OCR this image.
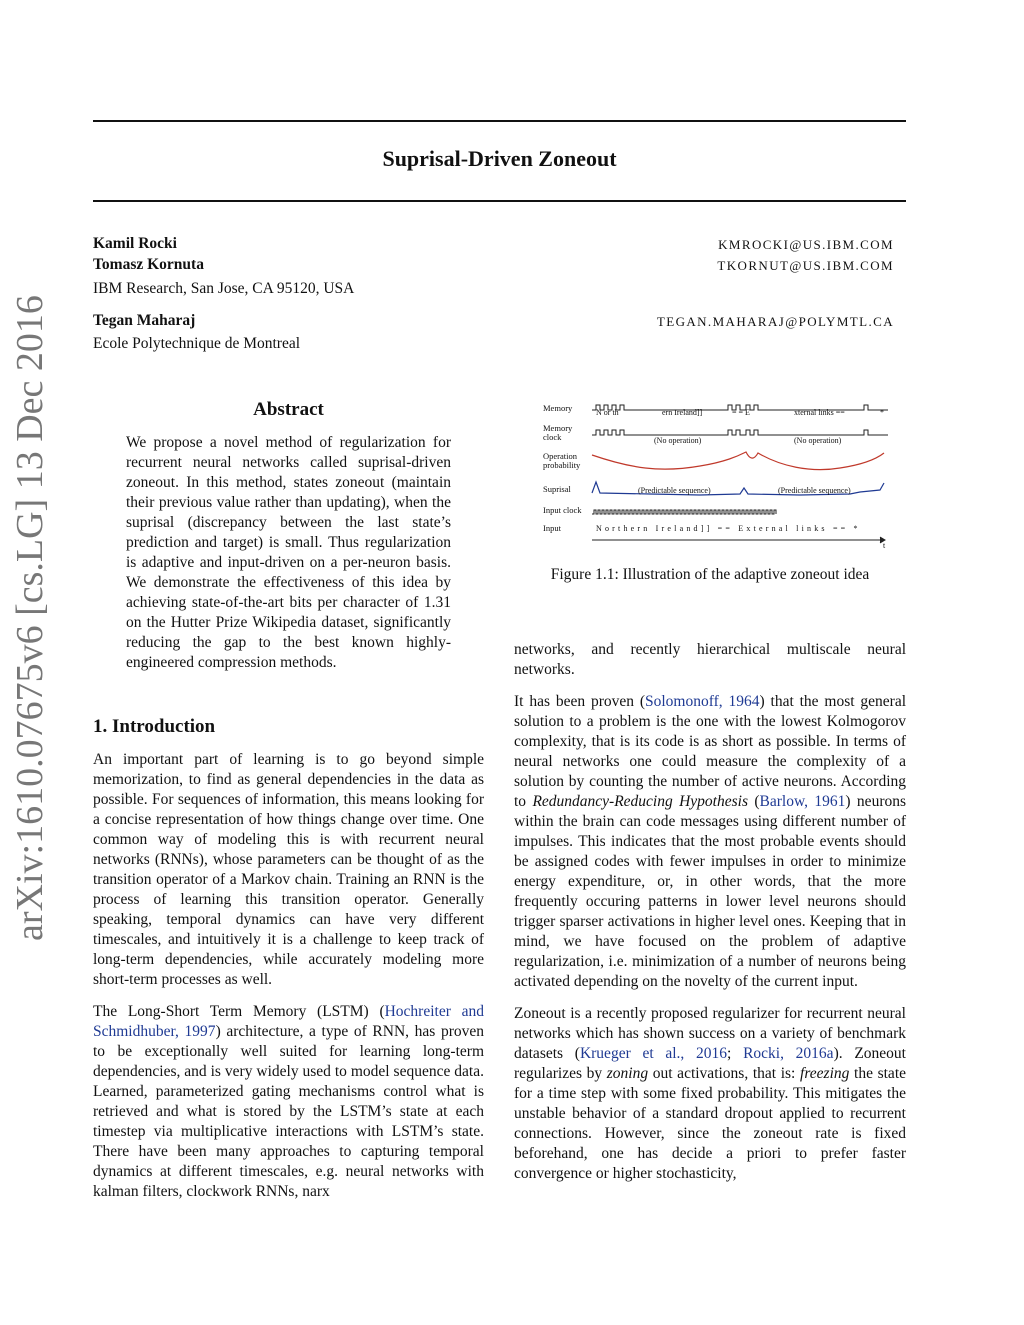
Suprisal-Driven Zoneout
Kamil Rocki	KMROCKI@US.IBM.COM
Tomasz Kornuta	TKORNUT@US.IBM.COM
IBM Research, San Jose, CA 95120, USA
Tegan Maharaj	TEGAN.MAHARAJ@POLYMTL.CA
Ecole Polytechnique de Montreal
arXiv:1610.07675v6 [cs.LG] 13 Dec 2016	Abstract

We propose a novel method of regularization for recurrent neural networks called suprisal-driven zoneout. In this method, states zoneout (maintain their previous value rather than updating), when the suprisal (discrepancy between the last state’s prediction and target) is small. Thus regularization is adaptive and input-driven on a per-neuron basis. We demonstrate the effectiveness of this idea by achieving state-of-the-art bits per character of 1.31 on the Hutter Prize Wikipedia dataset, significantly reducing the gap to the best known highly-engineered compression methods.

1. Introduction

An important part of learning is to go beyond simple memorization, to find as general dependencies in the data as possible. For sequences of information, this means looking for a concise representation of how things change over time. One common way of modeling this is with recurrent neural networks (RNNs), whose parameters can be thought of as the transition operator of a Markov chain. Training an RNN is the process of learning this transition operator. Generally speaking, temporal dynamics can have very different timescales, and intuitively it is a challenge to keep track of long-term dependencies, while accurately modeling more short-term processes as well.

The Long-Short Term Memory (LSTM) (Hochreiter and Schmidhuber, 1997) architecture, a type of RNN, has proven to be exceptionally well suited for learning long-term dependencies, and is very widely used to model sequence data. Learned, parameterized gating mechanisms control what is retrieved and what is stored by the LSTM’s state at each timestep via multiplicative interactions with LSTM’s state. There have been many approaches to capturing temporal dynamics at different timescales, e.g. neural networks with kalman filters, clockwork RNNs, narx

Memory
Memory clock
Operation probability
Suprisal
Input clock
Input
N or th	ern Ireland]]	= = E	xternal links ==	*
(No operation)	(No operation)
(Predictable sequence)	(Predictable sequence)
N o r t h e r n   I r e l a n d ] ]   = =   E x t e r n a l   l i n k s   = =   *
t
Figure 1.1: Illustration of the adaptive zoneout idea

networks, and recently hierarchical multiscale neural networks.

It has been proven (Solomonoff, 1964) that the most general solution to a problem is the one with the lowest Kolmogorov complexity, that is its code is as short as possible. In terms of neural networks one could measure the complexity of a solution by counting the number of active neurons. According to Redundancy-Reducing Hypothesis (Barlow, 1961) neurons within the brain can code messages using different number of impulses. This indicates that the most probable events should be assigned codes with fewer impulses in order to minimize energy expenditure, or, in other words, that the more frequently occuring patterns in lower level neurons should trigger sparser activations in higher level ones. Keeping that in mind, we have focused on the problem of adaptive regularization, i.e. minimization of a number of neurons being activated depending on the novelty of the current input.

Zoneout is a recently proposed regularizer for recurrent neural networks which has shown success on a variety of benchmark datasets (Krueger et al., 2016; Rocki, 2016a). Zoneout regularizes by zoning out activations, that is: freezing the state for a time step with some fixed probability. This mitigates the unstable behavior of a standard dropout applied to recurrent connections. However, since the zoneout rate is fixed beforehand, one has decide a priori to prefer faster convergence or higher stochasticity,
